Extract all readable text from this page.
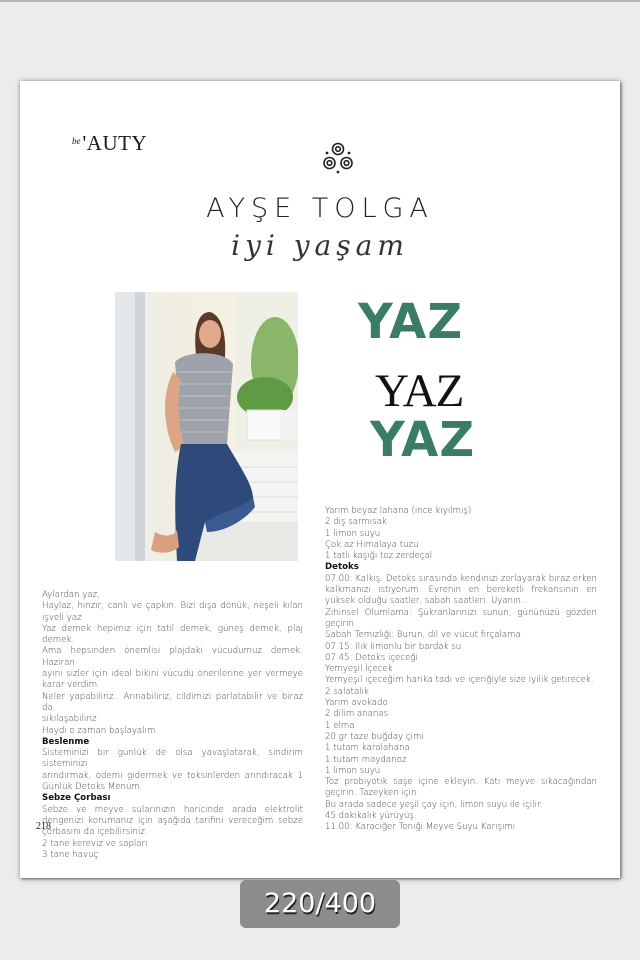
$^{be}$'AUTY
AYŞE TOLGA
iyi yaşam
YAZ
YAZ
YAZ
Aylardan yaz,
Haylaz, hınzır, canlı ve çapkın. Bizi dışa dönük, neşeli kılan
işveli yaz
Yaz demek hepimiz için tatil demek, güneş demek, plaj
demek.
Ama hepsinden önemlisi plajdaki vücudumuz demek. Haziran
ayını sizler için ideal bikini vücudu önerilerine yer vermeye
karar verdim.
Neler yapabiliriz.. Arınabiliriz, cildimizi parlatabilir ve biraz da
sıkılaşabiliriz
Haydi o zaman başlayalım
Beslenme
Sisteminizi bir günlük de olsa yavaşlatarak, sindirim sisteminizi
arındırmak, ödemi gidermek ve toksinlerden arındıracak 1
Günlük Detoks Menüm.
Sebze Çorbası
Sebze ve meyve sularınızın haricinde arada elektrolit
dengenizi korumanız için aşağıda tarifini vereceğim sebze
çorbasını da içebilirsiniz.
2 tane kereviz ve sapları
3 tane havuç
Yarım beyaz lahana (ince kıyılmış)
2 diş sarmısak
1 limon suyu
Çok az Himalaya tuzu
1 tatlı kaşığı toz zerdeçal
Detoks
07.00: Kalkış. Detoks sırasında kendinizi zorlayarak biraz erken
kalkmanızı istiyorum. Evrenin en bereketli frekansının en
yüksek olduğu saatler, sabah saatleri. Uyanın...
Zihinsel Olumlama: Şükranlarınızı sunun, gününüzü gözden
geçirin.
Sabah Temizliği: Burun, dil ve vücut fırçalama.
07.15: Ilık limonlu bir bardak su
07.45: Detoks içeceği
Yemyeşil İçecek
Yemyeşil içeceğim harika tadı ve içeriğiyle size iyilik getirecek.
2 salatalık
Yarım avokado
2 dilim ananas
1 elma
20 gr taze buğday çimi
1 tutam karalahana
1 tutam maydanoz
1 limon suyu
Toz probiyotik saşe içine ekleyin. Katı meyve sıkacağından
geçirin. Tazeyken için.
Bu arada sadece yeşil çay için, limon suyu ile içilir.
45 dakikalık yürüyüş.
11.00: Karaciğer Toniği Meyve Suyu Karışımı
218
220/400
